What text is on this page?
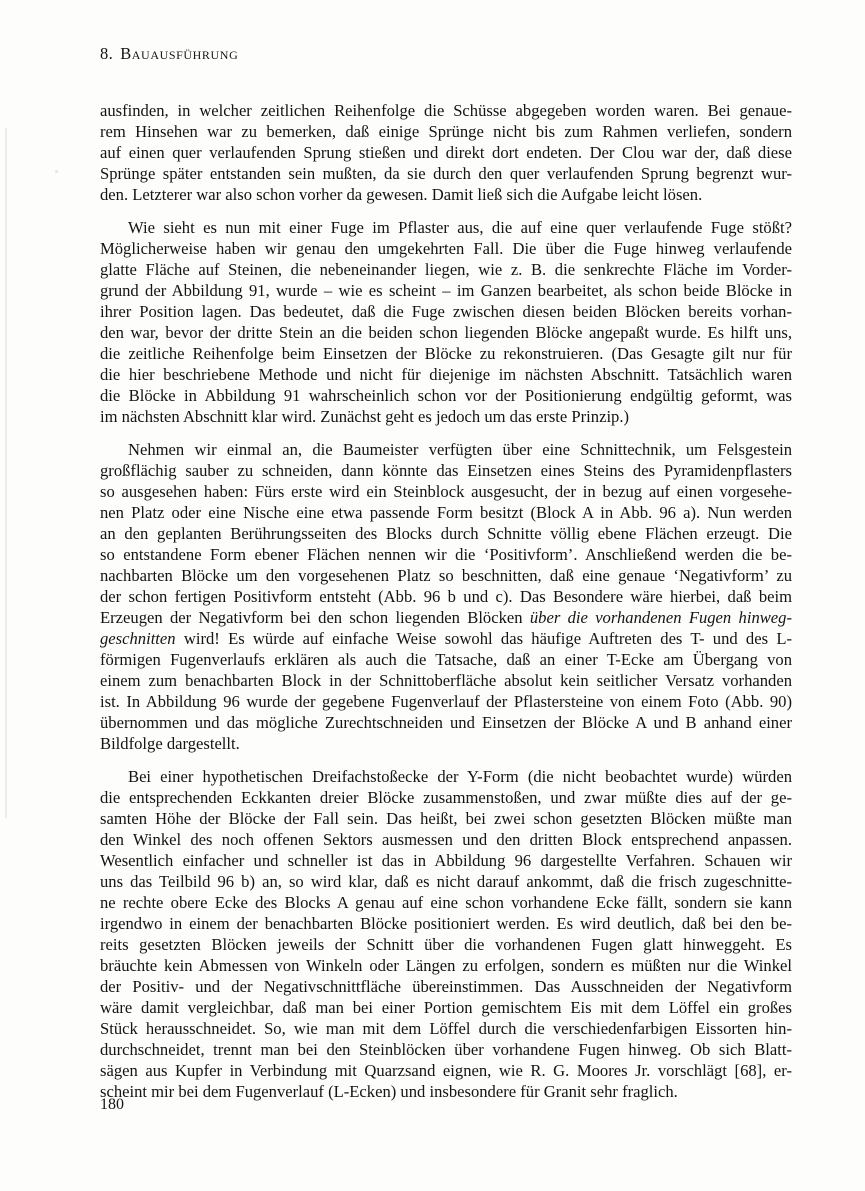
8. Bauausführung
ausfinden, in welcher zeitlichen Reihenfolge die Schüsse abgegeben worden waren. Bei genaue-
rem Hinsehen war zu bemerken, daß einige Sprünge nicht bis zum Rahmen verliefen, sondern
auf einen quer verlaufenden Sprung stießen und direkt dort endeten. Der Clou war der, daß diese
Sprünge später entstanden sein mußten, da sie durch den quer verlaufenden Sprung begrenzt wur-
den. Letzterer war also schon vorher da gewesen. Damit ließ sich die Aufgabe leicht lösen.
Wie sieht es nun mit einer Fuge im Pflaster aus, die auf eine quer verlaufende Fuge stößt?
Möglicherweise haben wir genau den umgekehrten Fall. Die über die Fuge hinweg verlaufende
glatte Fläche auf Steinen, die nebeneinander liegen, wie z. B. die senkrechte Fläche im Vorder-
grund der Abbildung 91, wurde – wie es scheint – im Ganzen bearbeitet, als schon beide Blöcke in
ihrer Position lagen. Das bedeutet, daß die Fuge zwischen diesen beiden Blöcken bereits vorhan-
den war, bevor der dritte Stein an die beiden schon liegenden Blöcke angepaßt wurde. Es hilft uns,
die zeitliche Reihenfolge beim Einsetzen der Blöcke zu rekonstruieren. (Das Gesagte gilt nur für
die hier beschriebene Methode und nicht für diejenige im nächsten Abschnitt. Tatsächlich waren
die Blöcke in Abbildung 91 wahrscheinlich schon vor der Positionierung endgültig geformt, was
im nächsten Abschnitt klar wird. Zunächst geht es jedoch um das erste Prinzip.)
Nehmen wir einmal an, die Baumeister verfügten über eine Schnittechnik, um Felsgestein
großflächig sauber zu schneiden, dann könnte das Einsetzen eines Steins des Pyramidenpflasters
so ausgesehen haben: Fürs erste wird ein Steinblock ausgesucht, der in bezug auf einen vorgesehe-
nen Platz oder eine Nische eine etwa passende Form besitzt (Block A in Abb. 96 a). Nun werden
an den geplanten Berührungsseiten des Blocks durch Schnitte völlig ebene Flächen erzeugt. Die
so entstandene Form ebener Flächen nennen wir die ‘Positivform’. Anschließend werden die be-
nachbarten Blöcke um den vorgesehenen Platz so beschnitten, daß eine genaue ‘Negativform’ zu
der schon fertigen Positivform entsteht (Abb. 96 b und c). Das Besondere wäre hierbei, daß beim
Erzeugen der Negativform bei den schon liegenden Blöcken über die vorhandenen Fugen hinweg-
geschnitten wird! Es würde auf einfache Weise sowohl das häufige Auftreten des T- und des L-
förmigen Fugenverlaufs erklären als auch die Tatsache, daß an einer T-Ecke am Übergang von
einem zum benachbarten Block in der Schnittoberfläche absolut kein seitlicher Versatz vorhanden
ist. In Abbildung 96 wurde der gegebene Fugenverlauf der Pflastersteine von einem Foto (Abb. 90)
übernommen und das mögliche Zurechtschneiden und Einsetzen der Blöcke A und B anhand einer
Bildfolge dargestellt.
Bei einer hypothetischen Dreifachstoßecke der Y-Form (die nicht beobachtet wurde) würden
die entsprechenden Eckkanten dreier Blöcke zusammenstoßen, und zwar müßte dies auf der ge-
samten Höhe der Blöcke der Fall sein. Das heißt, bei zwei schon gesetzten Blöcken müßte man
den Winkel des noch offenen Sektors ausmessen und den dritten Block entsprechend anpassen.
Wesentlich einfacher und schneller ist das in Abbildung 96 dargestellte Verfahren. Schauen wir
uns das Teilbild 96 b) an, so wird klar, daß es nicht darauf ankommt, daß die frisch zugeschnitte-
ne rechte obere Ecke des Blocks A genau auf eine schon vorhandene Ecke fällt, sondern sie kann
irgendwo in einem der benachbarten Blöcke positioniert werden. Es wird deutlich, daß bei den be-
reits gesetzten Blöcken jeweils der Schnitt über die vorhandenen Fugen glatt hinweggeht. Es
bräuchte kein Abmessen von Winkeln oder Längen zu erfolgen, sondern es müßten nur die Winkel
der Positiv- und der Negativschnittfläche übereinstimmen. Das Ausschneiden der Negativform
wäre damit vergleichbar, daß man bei einer Portion gemischtem Eis mit dem Löffel ein großes
Stück herausschneidet. So, wie man mit dem Löffel durch die verschiedenfarbigen Eissorten hin-
durchschneidet, trennt man bei den Steinblöcken über vorhandene Fugen hinweg. Ob sich Blatt-
sägen aus Kupfer in Verbindung mit Quarzsand eignen, wie R. G. Moores Jr. vorschlägt [68], er-
scheint mir bei dem Fugenverlauf (L-Ecken) und insbesondere für Granit sehr fraglich.
180
